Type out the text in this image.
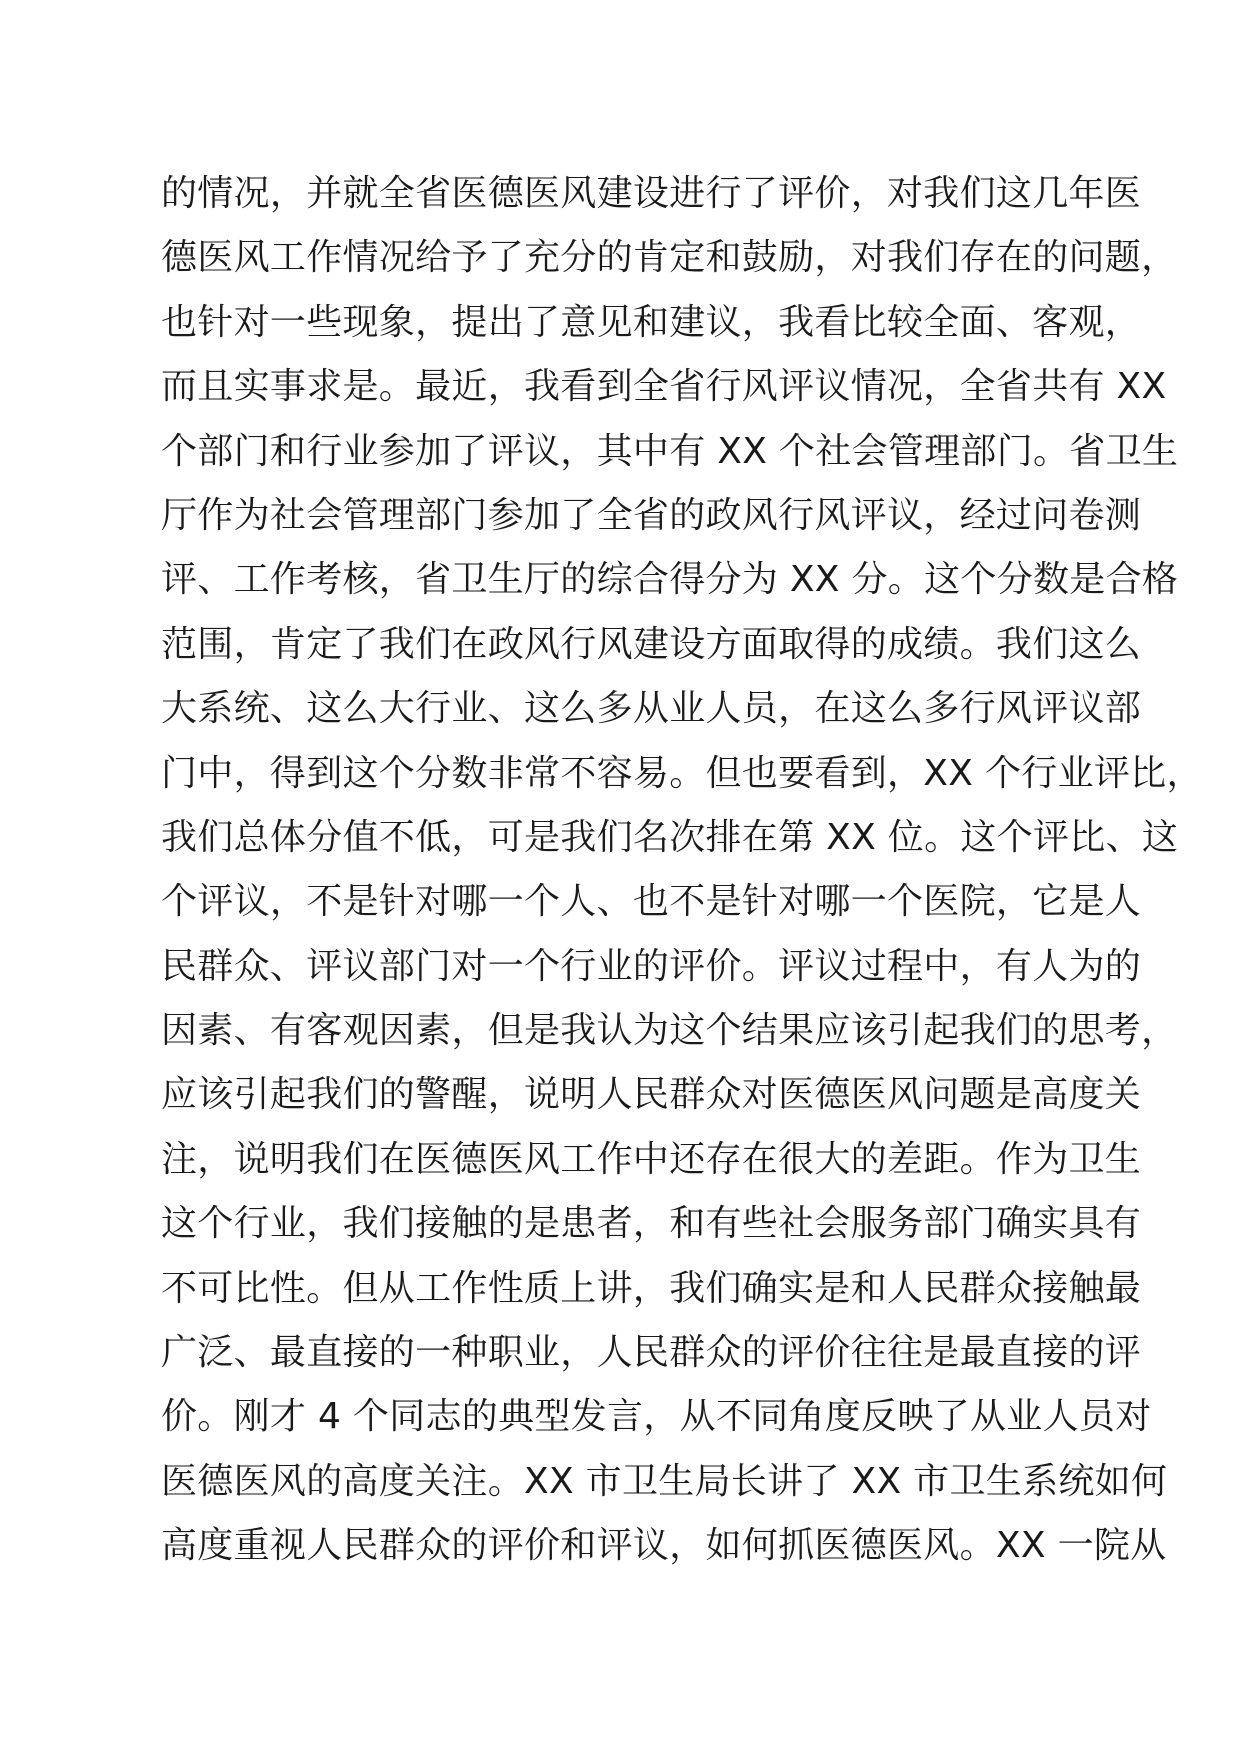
的情况，并就全省医德医风建设进行了评价，对我们这几年医
德医风工作情况给予了充分的肯定和鼓励，对我们存在的问题，
也针对一些现象，提出了意见和建议，我看比较全面、客观，
而且实事求是。最近，我看到全省行风评议情况，全省共有 XX
个部门和行业参加了评议，其中有 XX 个社会管理部门。省卫生
厅作为社会管理部门参加了全省的政风行风评议，经过问卷测
评、工作考核，省卫生厅的综合得分为 XX 分。这个分数是合格
范围，肯定了我们在政风行风建设方面取得的成绩。我们这么
大系统、这么大行业、这么多从业人员，在这么多行风评议部
门中，得到这个分数非常不容易。但也要看到，XX 个行业评比，
我们总体分值不低，可是我们名次排在第 XX 位。这个评比、这
个评议，不是针对哪一个人、也不是针对哪一个医院，它是人
民群众、评议部门对一个行业的评价。评议过程中，有人为的
因素、有客观因素，但是我认为这个结果应该引起我们的思考，
应该引起我们的警醒，说明人民群众对医德医风问题是高度关
注，说明我们在医德医风工作中还存在很大的差距。作为卫生
这个行业，我们接触的是患者，和有些社会服务部门确实具有
不可比性。但从工作性质上讲，我们确实是和人民群众接触最
广泛、最直接的一种职业，人民群众的评价往往是最直接的评
价。刚才 4 个同志的典型发言，从不同角度反映了从业人员对
医德医风的高度关注。XX 市卫生局长讲了 XX 市卫生系统如何
高度重视人民群众的评价和评议，如何抓医德医风。XX 一院从
